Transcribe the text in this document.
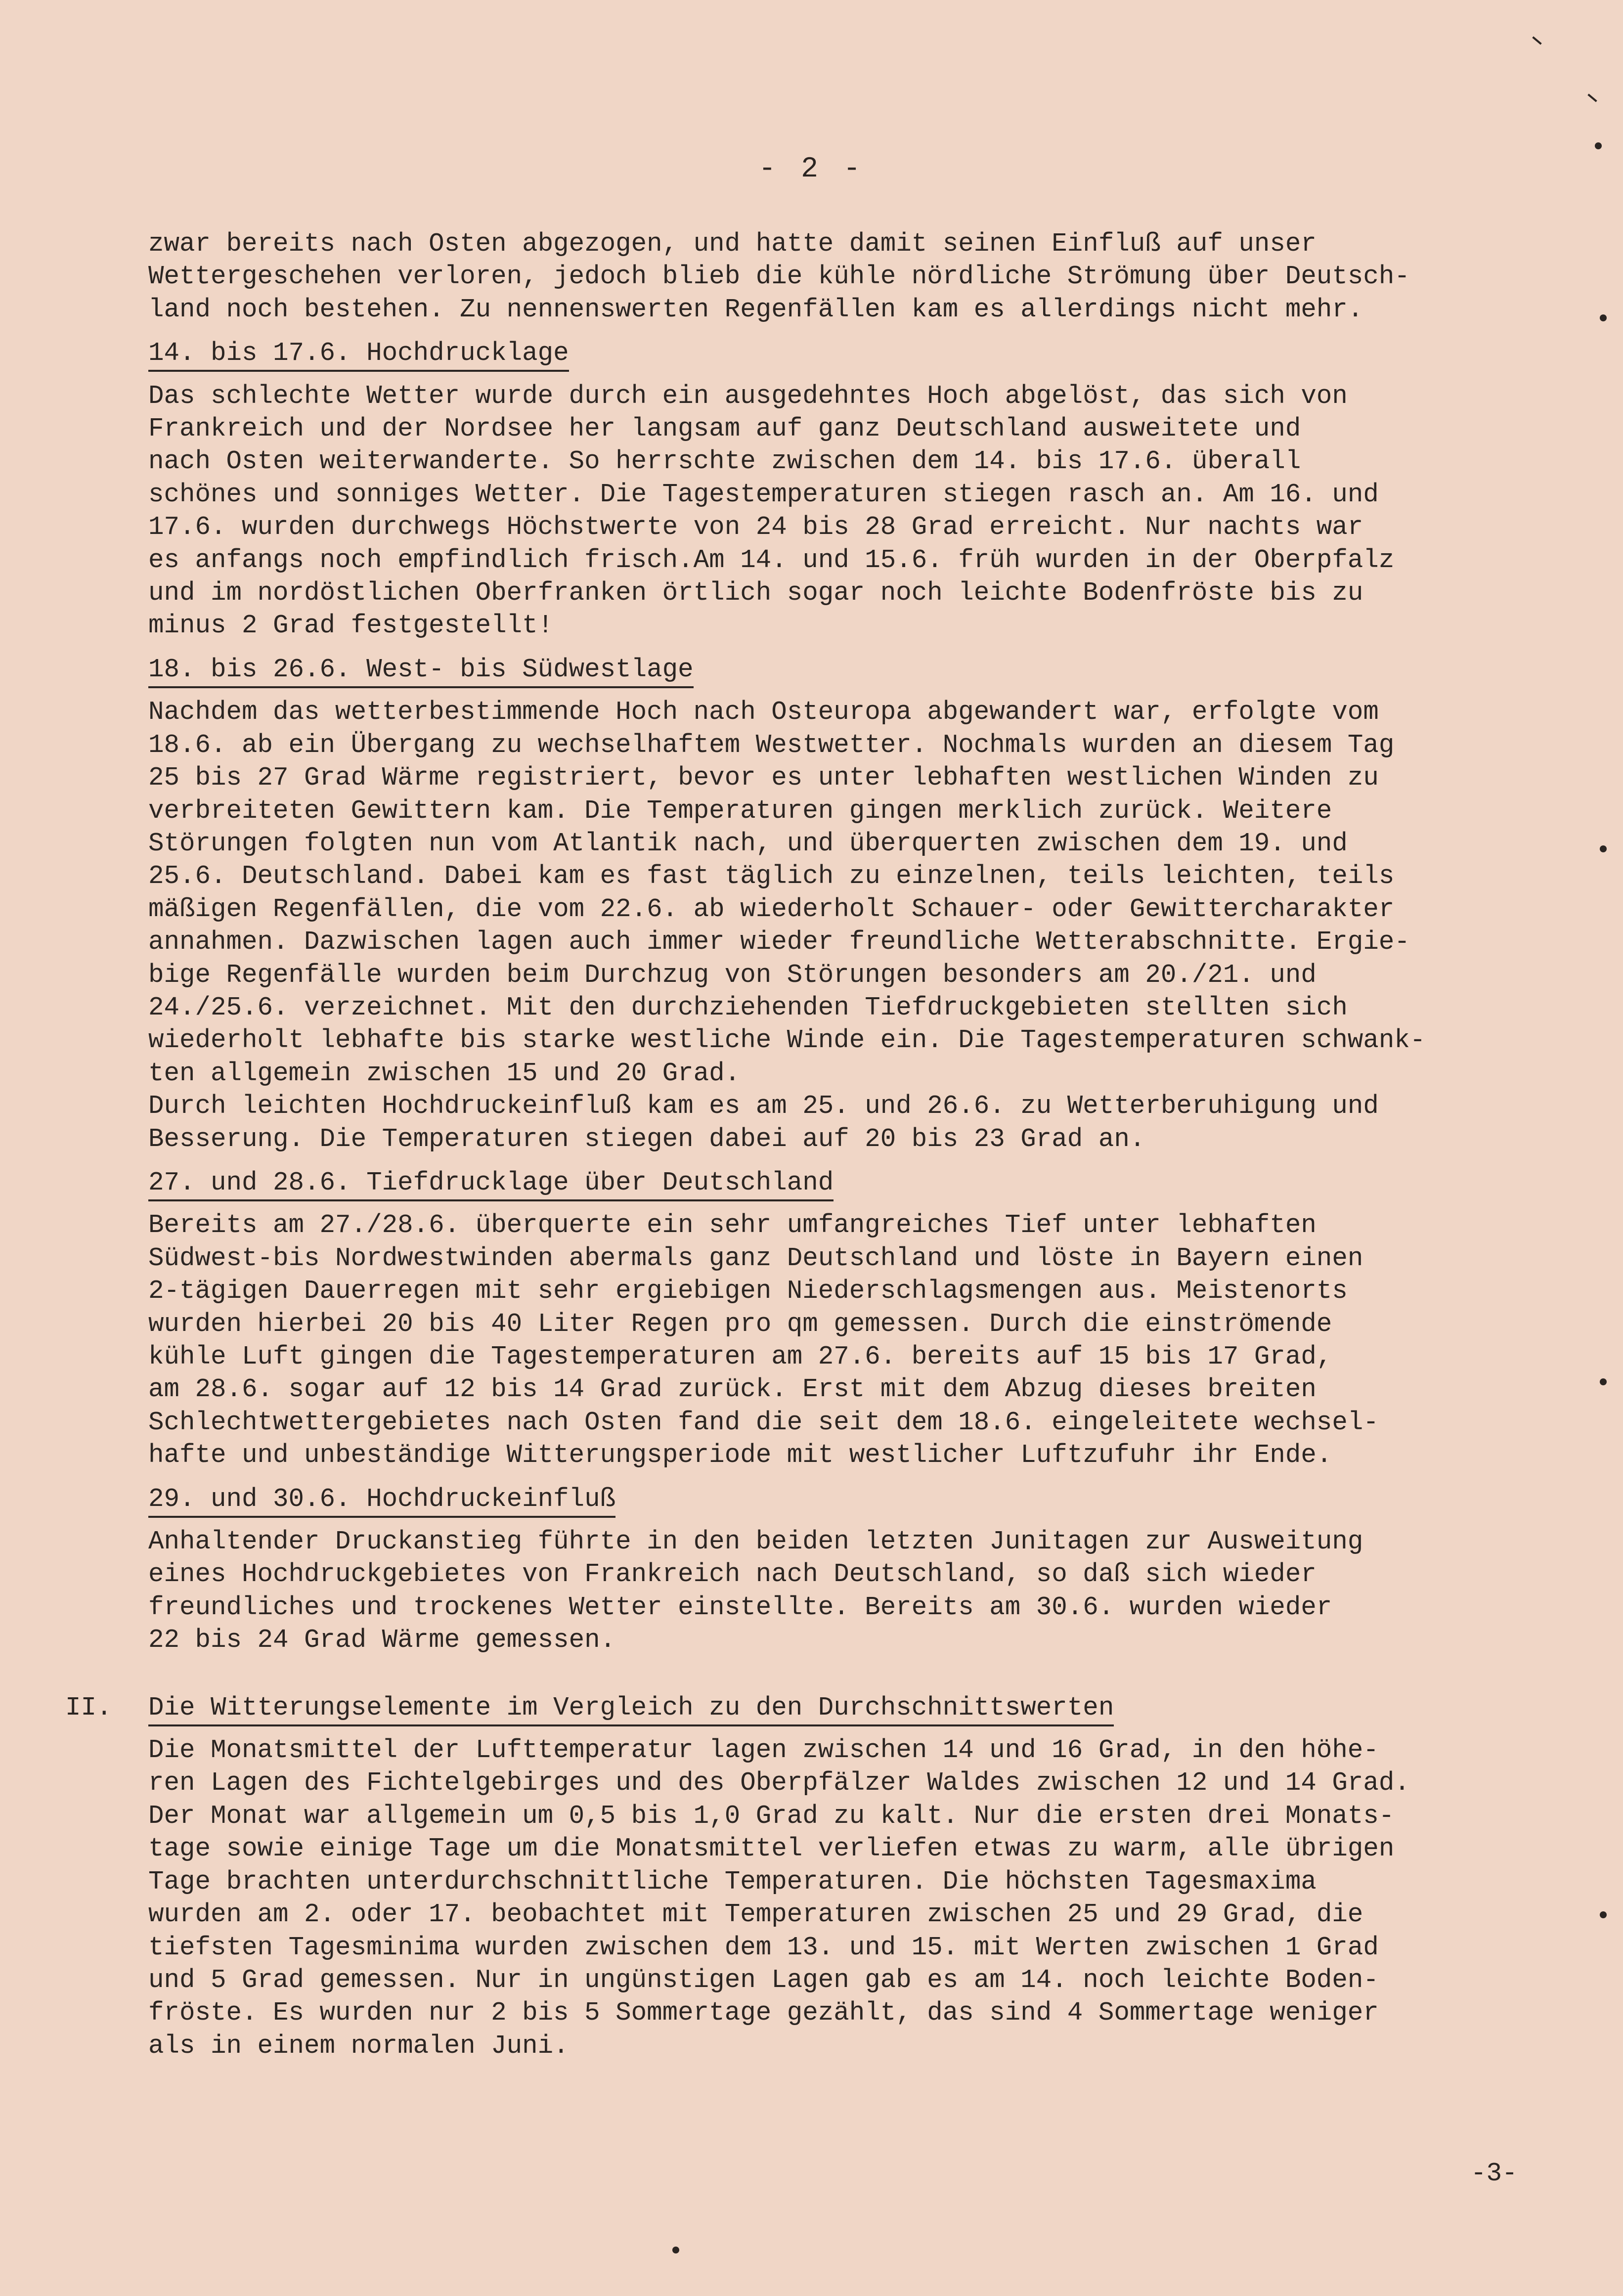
- 2 -

zwar bereits nach Osten abgezogen, und hatte damit seinen Einfluß auf unser

Wettergeschehen verloren, jedoch blieb die kühle nördliche Strömung über Deutsch-

land noch bestehen. Zu nennenswerten Regenfällen kam es allerdings nicht mehr.

14. bis 17.6. Hochdrucklage

Das schlechte Wetter wurde durch ein ausgedehntes Hoch abgelöst, das sich von

Frankreich und der Nordsee her langsam auf ganz Deutschland ausweitete und

nach Osten weiterwanderte. So herrschte zwischen dem 14. bis 17.6. überall

schönes und sonniges Wetter. Die Tagestemperaturen stiegen rasch an. Am 16. und

17.6. wurden durchwegs Höchstwerte von 24 bis 28 Grad erreicht. Nur nachts war

es anfangs noch empfindlich frisch.Am 14. und 15.6. früh wurden in der Oberpfalz

und im nordöstlichen Oberfranken örtlich sogar noch leichte Bodenfröste bis zu

minus 2 Grad festgestellt!

18. bis 26.6. West- bis Südwestlage

Nachdem das wetterbestimmende Hoch nach Osteuropa abgewandert war, erfolgte vom

18.6. ab ein Übergang zu wechselhaftem Westwetter. Nochmals wurden an diesem Tag

25 bis 27 Grad Wärme registriert, bevor es unter lebhaften westlichen Winden zu

verbreiteten Gewittern kam. Die Temperaturen gingen merklich zurück. Weitere

Störungen folgten nun vom Atlantik nach, und überquerten zwischen dem 19. und

25.6. Deutschland. Dabei kam es fast täglich zu einzelnen, teils leichten, teils

mäßigen Regenfällen, die vom 22.6. ab wiederholt Schauer- oder Gewittercharakter

annahmen. Dazwischen lagen auch immer wieder freundliche Wetterabschnitte. Ergie-

bige Regenfälle wurden beim Durchzug von Störungen besonders am 20./21. und

24./25.6. verzeichnet. Mit den durchziehenden Tiefdruckgebieten stellten sich

wiederholt lebhafte bis starke westliche Winde ein. Die Tagestemperaturen schwank-

ten allgemein zwischen 15 und 20 Grad.

Durch leichten Hochdruckeinfluß kam es am 25. und 26.6. zu Wetterberuhigung und

Besserung. Die Temperaturen stiegen dabei auf 20 bis 23 Grad an.

27. und 28.6. Tiefdrucklage über Deutschland

Bereits am 27./28.6. überquerte ein sehr umfangreiches Tief unter lebhaften

Südwest-bis Nordwestwinden abermals ganz Deutschland und löste in Bayern einen

2-tägigen Dauerregen mit sehr ergiebigen Niederschlagsmengen aus. Meistenorts

wurden hierbei 20 bis 40 Liter Regen pro qm gemessen. Durch die einströmende

kühle Luft gingen die Tagestemperaturen am 27.6. bereits auf 15 bis 17 Grad,

am 28.6. sogar auf 12 bis 14 Grad zurück. Erst mit dem Abzug dieses breiten

Schlechtwettergebietes nach Osten fand die seit dem 18.6. eingeleitete wechsel-

hafte und unbeständige Witterungsperiode mit westlicher Luftzufuhr ihr Ende.

29. und 30.6. Hochdruckeinfluß

Anhaltender Druckanstieg führte in den beiden letzten Junitagen zur Ausweitung

eines Hochdruckgebietes von Frankreich nach Deutschland, so daß sich wieder

freundliches und trockenes Wetter einstellte. Bereits am 30.6. wurden wieder

22 bis 24 Grad Wärme gemessen.

II. Die Witterungselemente im Vergleich zu den Durchschnittswerten

Die Monatsmittel der Lufttemperatur lagen zwischen 14 und 16 Grad, in den höhe-

ren Lagen des Fichtelgebirges und des Oberpfälzer Waldes zwischen 12 und 14 Grad.

Der Monat war allgemein um 0,5 bis 1,0 Grad zu kalt. Nur die ersten drei Monats-

tage sowie einige Tage um die Monatsmittel verliefen etwas zu warm, alle übrigen

Tage brachten unterdurchschnittliche Temperaturen. Die höchsten Tagesmaxima

wurden am 2. oder 17. beobachtet mit Temperaturen zwischen 25 und 29 Grad, die

tiefsten Tagesminima wurden zwischen dem 13. und 15. mit Werten zwischen 1 Grad

und 5 Grad gemessen. Nur in ungünstigen Lagen gab es am 14. noch leichte Boden-

fröste. Es wurden nur 2 bis 5 Sommertage gezählt, das sind 4 Sommertage weniger

als in einem normalen Juni.

-3-
